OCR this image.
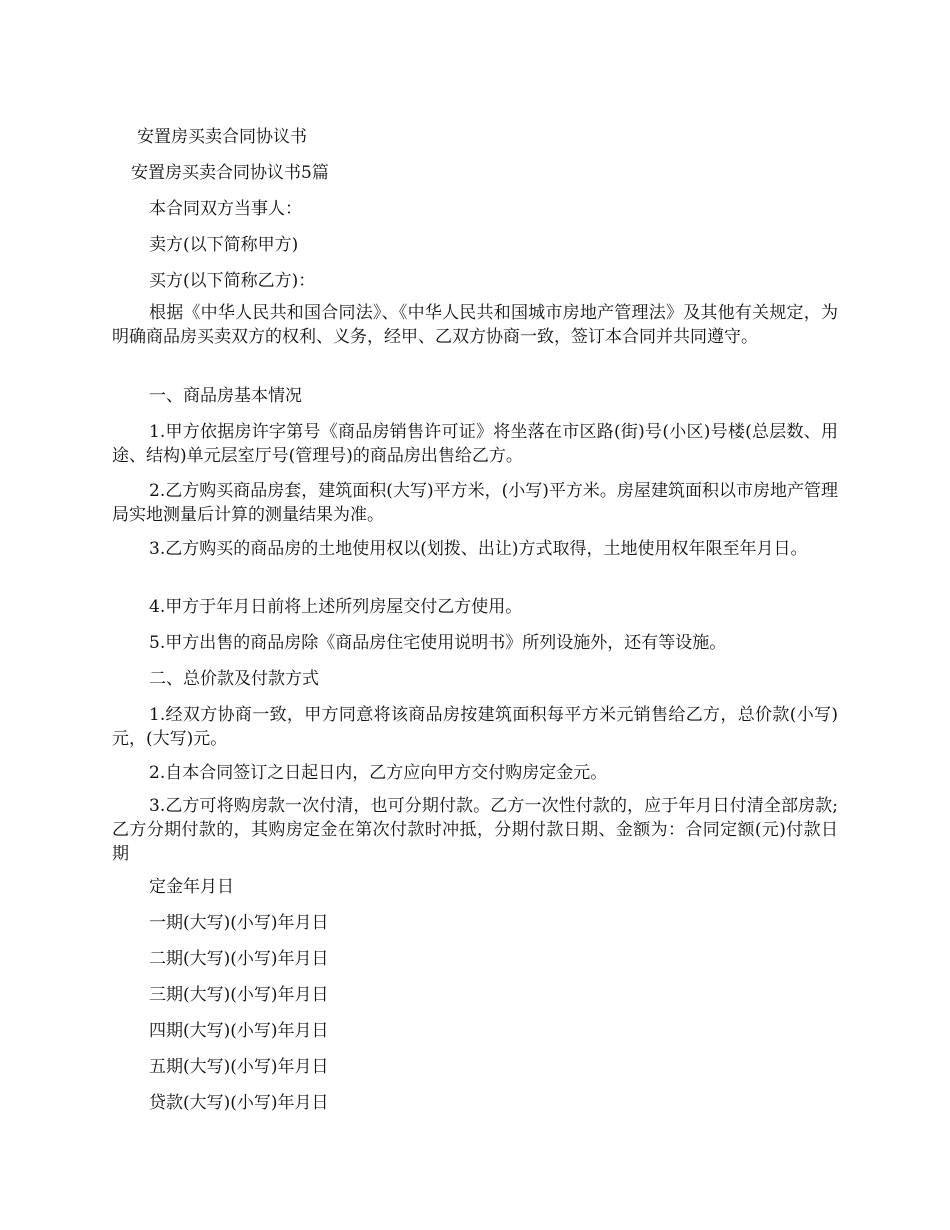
安置房买卖合同协议书

安置房买卖合同协议书5篇

本合同双方当事人：

卖方(以下简称甲方)

买方(以下简称乙方)：

根据《中华人民共和国合同法》、《中华人民共和国城市房地产管理法》及其他有关规定，为明确商品房买卖双方的权利、义务，经甲、乙双方协商一致，签订本合同并共同遵守。

一、商品房基本情况

1.甲方依据房许字第号《商品房销售许可证》将坐落在市区路(街)号(小区)号楼(总层数、用途、结构)单元层室厅号(管理号)的商品房出售给乙方。

2.乙方购买商品房套，建筑面积(大写)平方米，(小写)平方米。房屋建筑面积以市房地产管理局实地测量后计算的测量结果为准。

3.乙方购买的商品房的土地使用权以(划拨、出让)方式取得，土地使用权年限至年月日。

4.甲方于年月日前将上述所列房屋交付乙方使用。

5.甲方出售的商品房除《商品房住宅使用说明书》所列设施外，还有等设施。

二、总价款及付款方式

1.经双方协商一致，甲方同意将该商品房按建筑面积每平方米元销售给乙方，总价款(小写)元，(大写)元。

2.自本合同签订之日起日内，乙方应向甲方交付购房定金元。

3.乙方可将购房款一次付清，也可分期付款。乙方一次性付款的，应于年月日付清全部房款;乙方分期付款的，其购房定金在第次付款时冲抵，分期付款日期、金额为：合同定额(元)付款日期

定金年月日

一期(大写)(小写)年月日

二期(大写)(小写)年月日

三期(大写)(小写)年月日

四期(大写)(小写)年月日

五期(大写)(小写)年月日

贷款(大写)(小写)年月日
